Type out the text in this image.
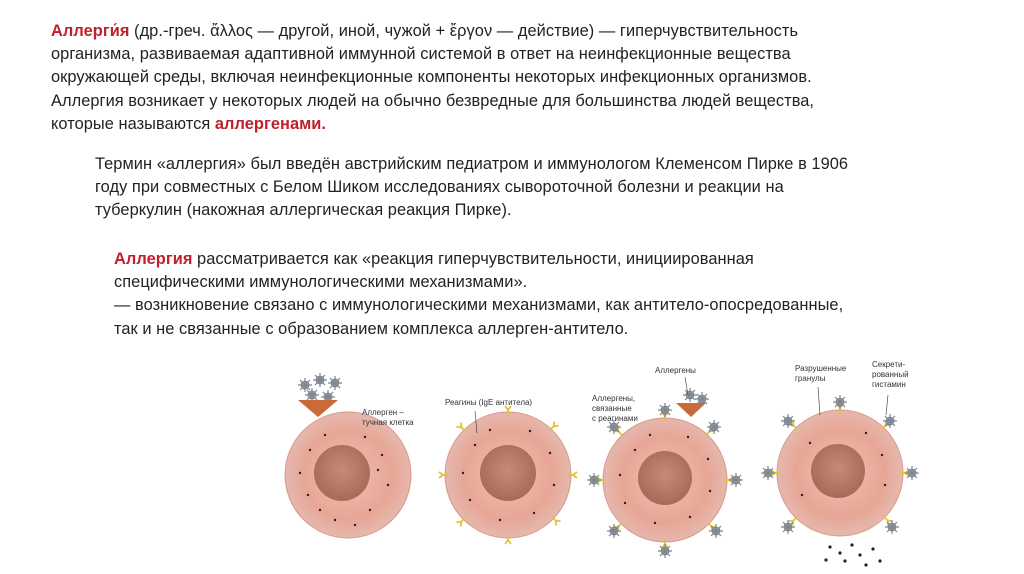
Аллерги́я (др.-греч. ἄλλος — другой, иной, чужой + ἔργον — действие) — гиперчувствительность
организма, развиваемая адаптивной иммунной системой в ответ на неинфекционные вещества
окружающей среды, включая неинфекционные компоненты некоторых инфекционных организмов.
Аллергия возникает у некоторых людей на обычно безвредные для большинства людей вещества,
которые называются аллергенами.
Термин «аллергия» был введён австрийским педиатром и иммунологом Клеменсом Пирке в 1906
году при совместных с Белом Шиком исследованиях сывороточной болезни и реакции на
туберкулин (накожная аллергическая реакция Пирке).
Аллергия рассматривается как «реакция гиперчувствительности, инициированная
специфическими иммунологическими механизмами».
— возникновение связано с иммунологическими механизмами, как антитело-опосредованные,
так и не связанные с образованием комплекса аллерген-антитело.
Аллерген –
тучная клетка
Реагины (IgE антитела)
Аллергены
Аллергены,
связанные
с реагинами
Разрушенные
гранулы
Секрети-
рованный
гистамин
